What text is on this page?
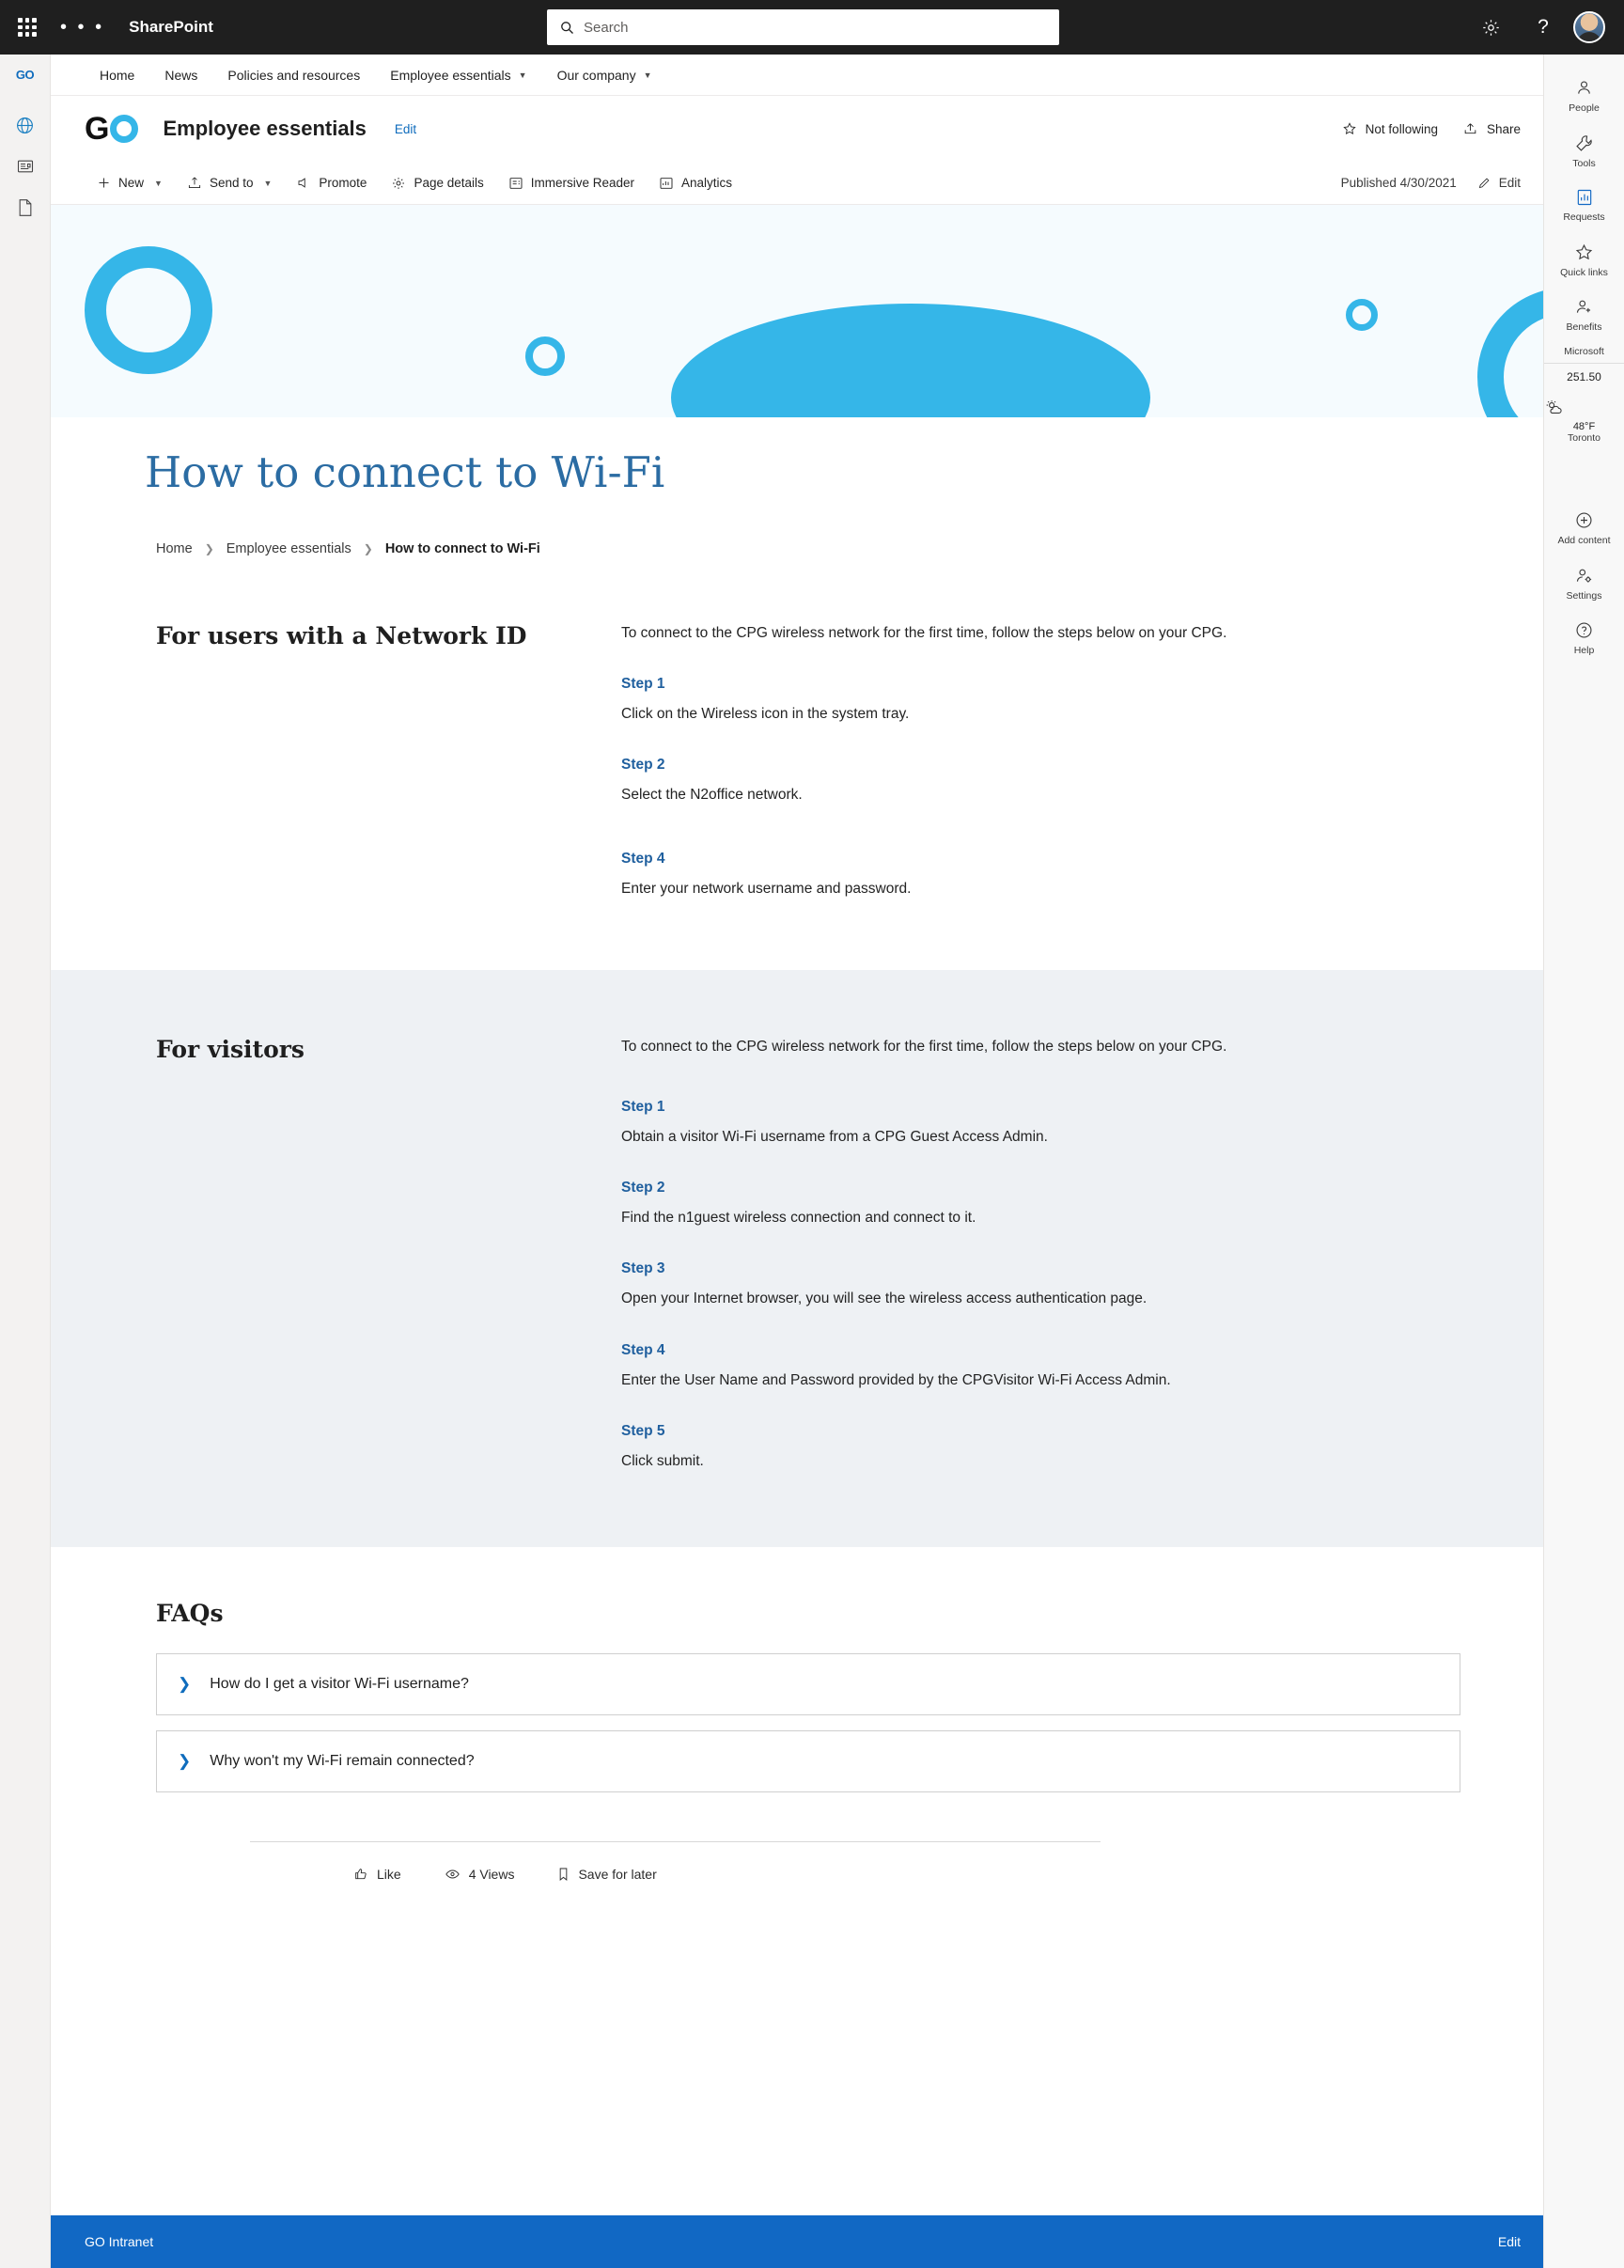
• • •	SharePoint	Search	?
GO	Home News Policies and resources Employee essentials ▼ Our company ▼
G	Employee essentials Edit	Not following	Share
New ▼	Send to ▼	Promote	Page details	Immersive Reader	Analytics	Published 4/30/2021	Edit
How to connect to Wi-Fi
Home ❯ Employee essentials ❯ How to connect to Wi-Fi
For users with a Network ID	To connect to the CPG wireless network for the first time, follow the steps below on your CPG.
Step 1
Click on the Wireless icon in the system tray.
Step 2
Select the N2office network.
Step 4
Enter your network username and password.
For visitors	To connect to the CPG wireless network for the first time, follow the steps below on your CPG.
Step 1
Obtain a visitor Wi-Fi username from a CPG Guest Access Admin.
Step 2
Find the n1guest wireless connection and connect to it.
Step 3
Open your Internet browser, you will see the wireless access authentication page.
Step 4
Enter the User Name and Password provided by the CPGVisitor Wi-Fi Access Admin.
Step 5
Click submit.
FAQs
❯ How do I get a visitor Wi-Fi username?
❯ Why won't my Wi-Fi remain connected?
Like	4 Views	Save for later
GO Intranet	Edit
People
Tools
Requests
Quick links
Benefits
Microsoft
251.50
48°F
Toronto
Add content
Settings
Help
